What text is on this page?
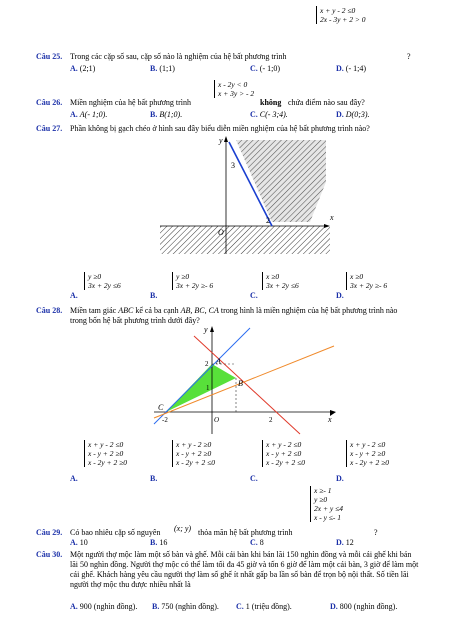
x + y - 2 ≤0
2x - 3y + 2 > 0
Câu 25. Trong các cặp số sau, cặp số nào là nghiệm của hệ bất phương trình	?
A. (2;1)	B. (1;1)	C. (- 1;0)	D. (- 1;4)
x - 2y < 0
x + 3y > - 2
Câu 26. Miền nghiệm của hệ bất phương trình	không chứa điểm nào sau đây?
A. A(- 1;0).	B. B(1;0).	C. C(- 3;4).	D. D(0;3).
Câu 27. Phần không bị gạch chéo ở hình sau đây biểu diễn miền nghiệm của hệ bất phương trình nào?
y
x
O
3
2
A.
y ≥0
3x + 2y ≤6
B.
y ≥0
3x + 2y ≥- 6
C.
x ≥0
3x + 2y ≤6
D.
x ≥0
3x + 2y ≥- 6
Câu 28. Miền tam giác ABC kể cả ba cạnh AB, BC, CA trong hình là miền nghiệm của hệ bất phương trình nào trong bốn hệ bất phương trình dưới đây?
y
x
O
A
B
C
2
1
-2	2
A.
x + y - 2 ≤0
x - y + 2 ≥0
x - 2y + 2 ≥0
B.
x + y - 2 ≥0
x - y + 2 ≥0
x - 2y + 2 ≤0
C.
x + y - 2 ≤0
x - y + 2 ≤0
x - 2y + 2 ≤0
D.
x + y - 2 ≤0
x - y + 2 ≥0
x - 2y + 2 ≥0
x ≥- 1
y ≥0
2x + y ≤4
x - y ≤- 1
Câu 29. Có bao nhiêu cặp số nguyên (x; y) thỏa mãn hệ bất phương trình	?
A. 10	B. 16	C. 8	D. 12
Câu 30. Một người thợ mộc làm một số bàn và ghế. Mỗi cái bàn khi bán lãi 150 nghìn đồng và mỗi cái ghế khi bán lãi 50 nghìn đồng. Người thợ mộc có thể làm tối đa 45 giờ và tốn 6 giờ để làm một cái bàn, 3 giờ để làm một cái ghế. Khách hàng yêu cầu người thợ làm số ghế ít nhất gấp ba lần số bàn để trọn bộ nội thất. Số tiền lãi người thợ mộc thu được nhiều nhất là
A. 900 (nghìn đồng). B. 750 (nghìn đồng). C. 1 (triệu đồng).	D. 800 (nghìn đồng).
